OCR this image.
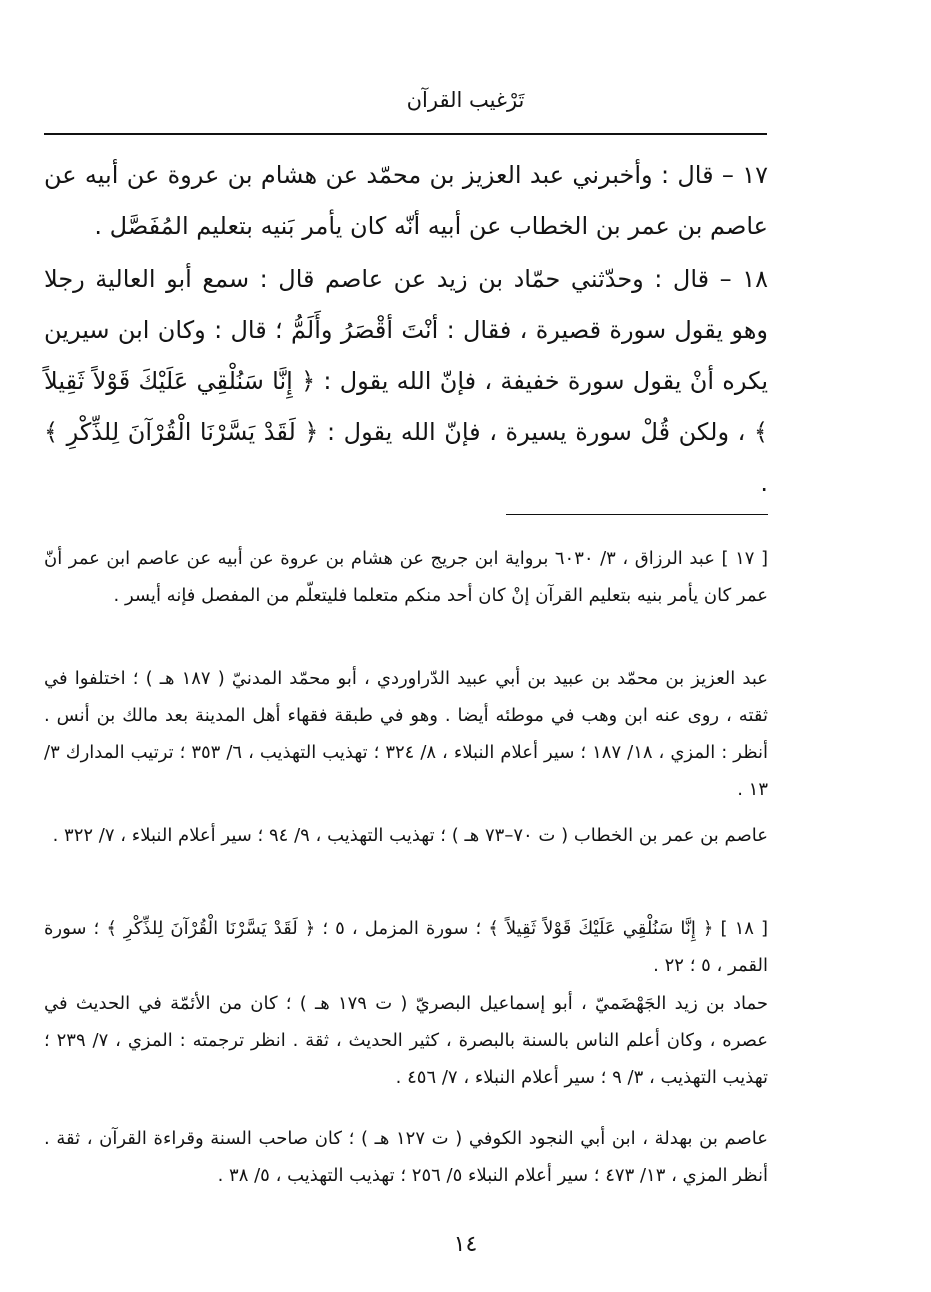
تَرْغيب القرآن

١٧ – قال : وأخبرني عبد العزيز بن محمّد عن هشام بن عروة عن أبيه عن عاصم بن عمر بن الخطاب عن أبيه أنّه كان يأمر بَنيه بتعليم المُفَصَّل .

١٨ – قال : وحدّثني حمّاد بن زيد عن عاصم قال : سمع أبو العالية رجلا وهو يقول سورة قصيرة ، فقال : أنْتَ أقْصَرُ وأَلَمُّ ؛ قال : وكان ابن سيرين يكره أنْ يقول سورة خفيفة ، فإنّ الله يقول : ﴿ إِنَّا سَنُلْقِي عَلَيْكَ قَوْلاً ثَقِيلاً ﴾ ، ولكن قُلْ سورة يسيرة ، فإنّ الله يقول : ﴿ لَقَدْ يَسَّرْنَا الْقُرْآنَ لِلذِّكْرِ ﴾ .

[ ١٧ ] عبد الرزاق ، ٣/ ٦٠٣٠ برواية ابن جريج عن هشام بن عروة عن أبيه عن عاصم ابن عمر أنّ عمر كان يأمر بنيه بتعليم القرآن إنْ كان أحد منكم متعلما فليتعلّم من المفصل فإنه أيسر .

عبد العزيز بن محمّد بن عبيد بن أبي عبيد الدّراوردي ، أبو محمّد المدنيّ ( ١٨٧ هـ ) ؛ اختلفوا في ثقته ، روى عنه ابن وهب في موطئه أيضا . وهو في طبقة فقهاء أهل المدينة بعد مالك بن أنس . أنظر : المزي ، ١٨/ ١٨٧ ؛ سير أعلام النبلاء ، ٨/ ٣٢٤ ؛ تهذيب التهذيب ، ٦/ ٣٥٣ ؛ ترتيب المدارك ٣/ ١٣ .

عاصم بن عمر بن الخطاب ( ت ٧٠–٧٣ هـ ) ؛ تهذيب التهذيب ، ٩/ ٩٤ ؛ سير أعلام النبلاء ، ٧/ ٣٢٢ .

[ ١٨ ] ﴿ إِنَّا سَنُلْقِي عَلَيْكَ قَوْلاً ثَقِيلاً ﴾ ؛ سورة المزمل ، ٥ ؛ ﴿ لَقَدْ يَسَّرْنَا الْقُرْآنَ لِلذِّكْرِ ﴾ ؛ سورة القمر ، ٥ ؛ ٢٢ .

حماد بن زيد الجَهْضَميّ ، أبو إسماعيل البصريّ ( ت ١٧٩ هـ ) ؛ كان من الأئمّة في الحديث في عصره ، وكان أعلم الناس بالسنة بالبصرة ، كثير الحديث ، ثقة . انظر ترجمته : المزي ، ٧/ ٢٣٩ ؛ تهذيب التهذيب ، ٣/ ٩ ؛ سير أعلام النبلاء ، ٧/ ٤٥٦ .

عاصم بن بهدلة ، ابن أبي النجود الكوفي ( ت ١٢٧ هـ ) ؛ كان صاحب السنة وقراءة القرآن ، ثقة . أنظر المزي ، ١٣/ ٤٧٣ ؛ سير أعلام النبلاء ٥/ ٢٥٦ ؛ تهذيب التهذيب ، ٥/ ٣٨ .

١٤
